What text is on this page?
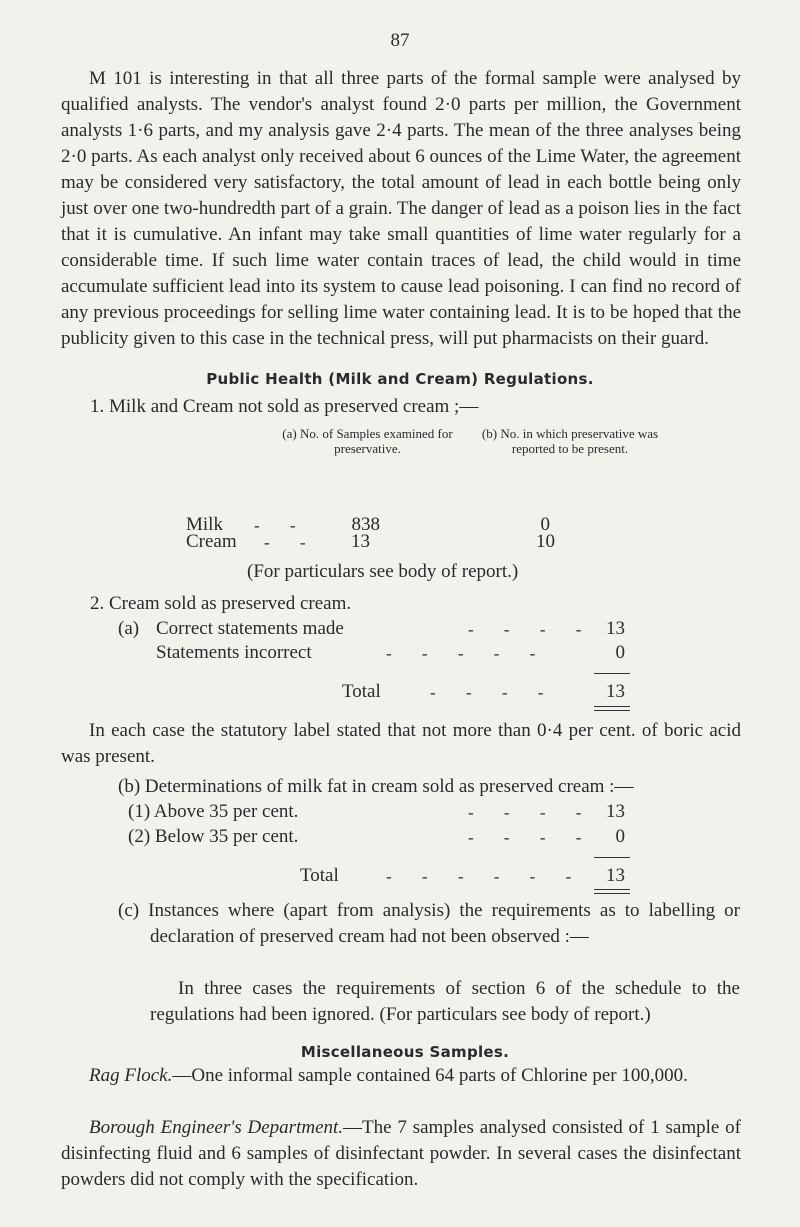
87

M 101 is interesting in that all three parts of the formal sample were analysed by qualified analysts. The vendor's analyst found 2·0 parts per million, the Government analysts 1·6 parts, and my analysis gave 2·4 parts. The mean of the three analyses being 2·0 parts. As each analyst only received about 6 ounces of the Lime Water, the agreement may be considered very satisfactory, the total amount of lead in each bottle being only just over one two-hundredth part of a grain. The danger of lead as a poison lies in the fact that it is cumulative. An infant may take small quantities of lime water regularly for a considerable time. If such lime water contain traces of lead, the child would in time accumulate sufficient lead into its system to cause lead poisoning. I can find no record of any previous proceedings for selling lime water containing lead. It is to be hoped that the publicity given to this case in the technical press, will put pharmacists on their guard.

Public Health (Milk and Cream) Regulations.
1. Milk and Cream not sold as preserved cream ;—
(a) No. of Samples examined for preservative.
(b) No. in which preservative was reported to be present.
Milk - -	838	0
Cream - -	13	10
(For particulars see body of report.)
2. Cream sold as preserved cream.
(a) Correct statements made	- - - - 13
Statements incorrect	- - - - -	0
Total	- - - -	13

In each case the statutory label stated that not more than 0·4 per cent. of boric acid was present.

(b) Determinations of milk fat in cream sold as preserved cream :—
(1) Above 35 per cent.	- - - - 13
(2) Below 35 per cent.	- - - -	0
Total	- - - - - -	13

(c) Instances where (apart from analysis) the requirements as to labelling or declaration of preserved cream had not been observed :—

In three cases the requirements of section 6 of the schedule to the regulations had been ignored. (For particulars see body of report.)

Miscellaneous Samples.

Rag Flock.—One informal sample contained 64 parts of Chlorine per 100,000.

Borough Engineer's Department.—The 7 samples analysed consisted of 1 sample of disinfecting fluid and 6 samples of disinfectant powder. In several cases the disinfectant powders did not comply with the specification.
